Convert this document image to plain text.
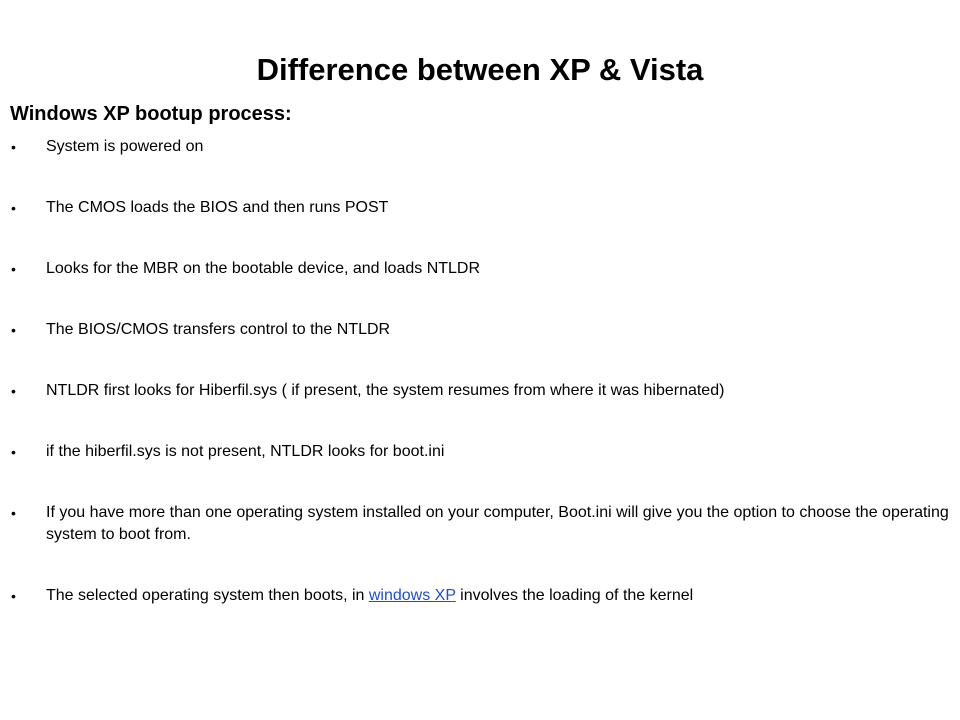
Difference between XP & Vista
Windows XP bootup process:
• System is powered on
• The CMOS loads the BIOS and then runs POST
• Looks for the MBR on the bootable device, and loads NTLDR
• The BIOS/CMOS transfers control to the NTLDR
• NTLDR first looks for Hiberfil.sys ( if present, the system resumes from where it was hibernated)
• if the hiberfil.sys is not present, NTLDR looks for boot.ini
• If you have more than one operating system installed on your computer, Boot.ini will give you the option to choose the operating system to boot from.
• The selected operating system then boots, in windows XP involves the loading of the kernel
